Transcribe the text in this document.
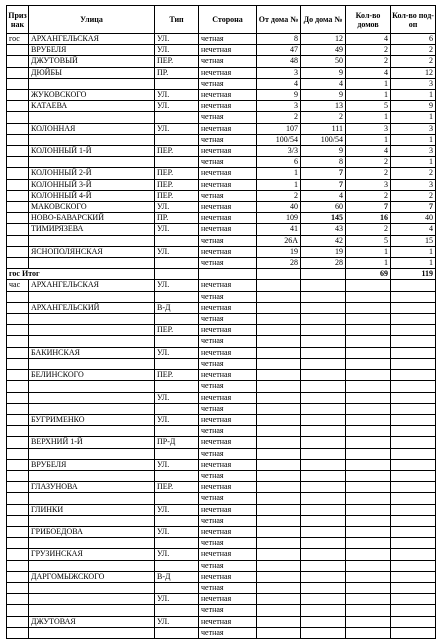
Приз нак	Улица	Тип	Сторона	От дома №	До дома №	Кол-во домов	Кол-во под-оп
гос	АРХАНГЕЛЬСКАЯ	УЛ.	четная	8	12	4	6
	ВРУБЕЛЯ	УЛ.	нечетная	47	49	2	2
	ДЖУТОВЫЙ	ПЕР.	четная	48	50	2	2
	ДЮЙБЫ	ПР.	нечетная	3	9	4	12
			четная	4	4	1	3
	ЖУКОВСКОГО	УЛ.	нечетная	9	9	1	1
	КАТАЕВА	УЛ.	нечетная	3	13	5	9
			четная	2	2	1	1
	КОЛОННАЯ	УЛ.	нечетная	107	111	3	3
			четная	100/54	100/54	1	1
	КОЛОННЫЙ 1-Й	ПЕР.	нечетная	3/3	9	4	3
			четная	6	8	2	1
	КОЛОННЫЙ 2-Й	ПЕР.	нечетная	1	7	2	2
	КОЛОННЫЙ 3-Й	ПЕР.	нечетная	1	7	3	3
	КОЛОННЫЙ 4-Й	ПЕР.	четная	2	4	2	2
	МАКОВСКОГО	УЛ.	нечетная	40	60	7	7
	НОВО-БАВАРСКИЙ	ПР.	нечетная	109	145	16	40
	ТИМИРЯЗЕВА	УЛ.	нечетная	41	43	2	4
			четная	26А	42	5	15
	ЯСНОПОЛЯНСКАЯ	УЛ.	нечетная	19	19	1	1
			четная	28	28	1	1
гос Итог						69	119
час	АРХАНГЕЛЬСКАЯ	УЛ.	нечетная				
			четная				
	АРХАНГЕЛЬСКИЙ	В-Д	нечетная				
			четная				
		ПЕР.	нечетная				
			четная				
	БАКИНСКАЯ	УЛ.	нечетная				
			четная				
	БЕЛИНСКОГО	ПЕР.	нечетная				
			четная				
		УЛ.	нечетная				
			четная				
	БУГРИМЕНКО	УЛ.	нечетная				
			четная				
	ВЕРХНИЙ 1-Й	ПР-Д	нечетная				
			четная				
	ВРУБЕЛЯ	УЛ.	нечетная				
			четная				
	ГЛАЗУНОВА	ПЕР.	нечетная				
			четная				
	ГЛИНКИ	УЛ.	нечетная				
			четная				
	ГРИБОЕДОВА	УЛ.	нечетная				
			четная				
	ГРУЗИНСКАЯ	УЛ.	нечетная				
			четная				
	ДАРГОМЫЖСКОГО	В-Д	нечетная				
			четная				
		УЛ.	нечетная				
			четная				
	ДЖУТОВАЯ	УЛ.	нечетная				
			четная				
